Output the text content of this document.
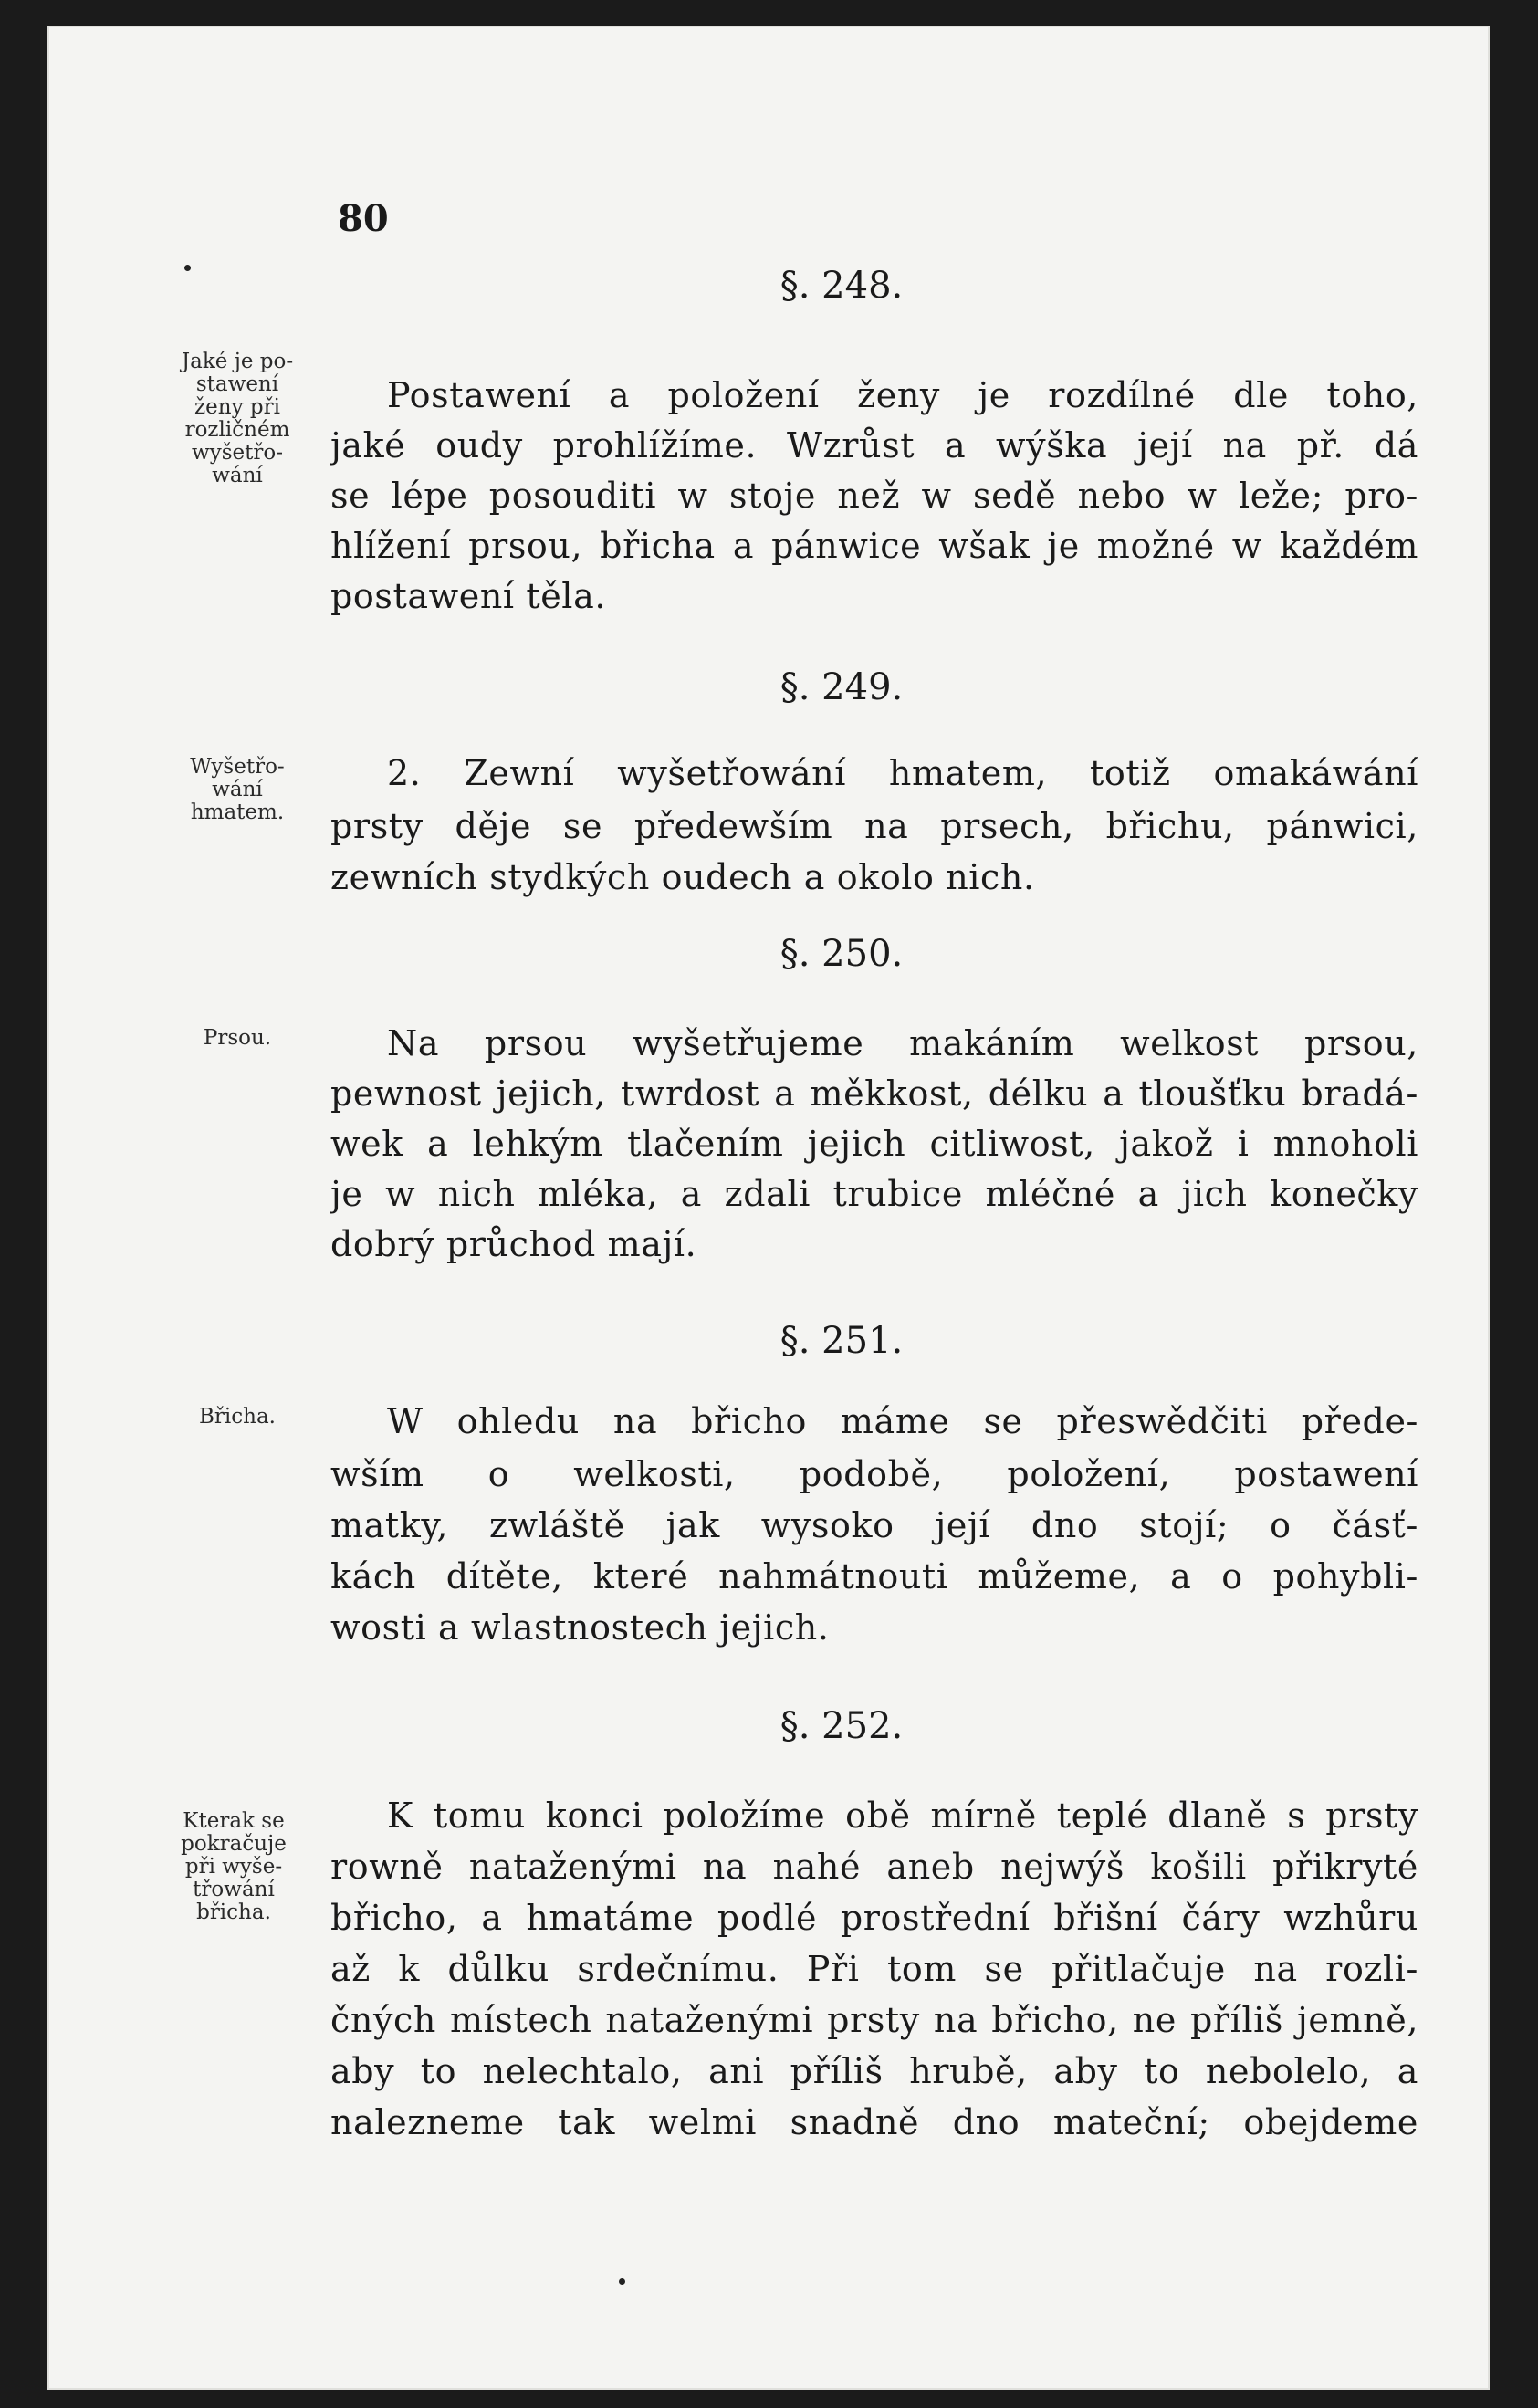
80
§. 248.
Jaké je po-
stawení
ženy při
rozličném
wyšetřo-
wání
Postawení a položení ženy je rozdílné dle toho,
jaké oudy prohlížíme. Wzrůst a wýška její na př. dá
se lépe posouditi w stoje než w sedě nebo w leže; pro-
hlížení prsou, břicha a pánwice wšak je možné w každém
postawení těla.
§. 249.
Wyšetřo-
wání
hmatem.
2. Zewní wyšetřowání hmatem, totiž omakáwání
prsty děje se předewším na prsech, břichu, pánwici,
zewních stydkých oudech a okolo nich.
§. 250.
Prsou.	Na prsou wyšetřujeme makáním welkost prsou,
pewnost jejich, twrdost a měkkost, délku a tloušťku bradá-
wek a lehkým tlačením jejich citliwost, jakož i mnoholi
je w nich mléka, a zdali trubice mléčné a jich konečky
dobrý průchod mají.
§. 251.
Břicha.	W ohledu na břicho máme se přeswědčiti přede-
wším o welkosti, podobě, položení, postawení
matky, zwláště jak wysoko její dno stojí; o čásť-
kách dítěte, které nahmátnouti můžeme, a o pohybli-
wosti a wlastnostech jejich.
§. 252.
Kterak se
pokračuje
při wyše-
třowání
břicha.
K tomu konci položíme obě mírně teplé dlaně s prsty
rowně nataženými na nahé aneb nejwýš košili přikryté
břicho, a hmatáme podlé prostřední břišní čáry wzhůru
až k důlku srdečnímu. Při tom se přitlačuje na rozli-
čných místech nataženými prsty na břicho, ne příliš jemně,
aby to nelechtalo, ani příliš hrubě, aby to nebolelo, a
nalezneme tak welmi snadně dno mateční; obejdeme
